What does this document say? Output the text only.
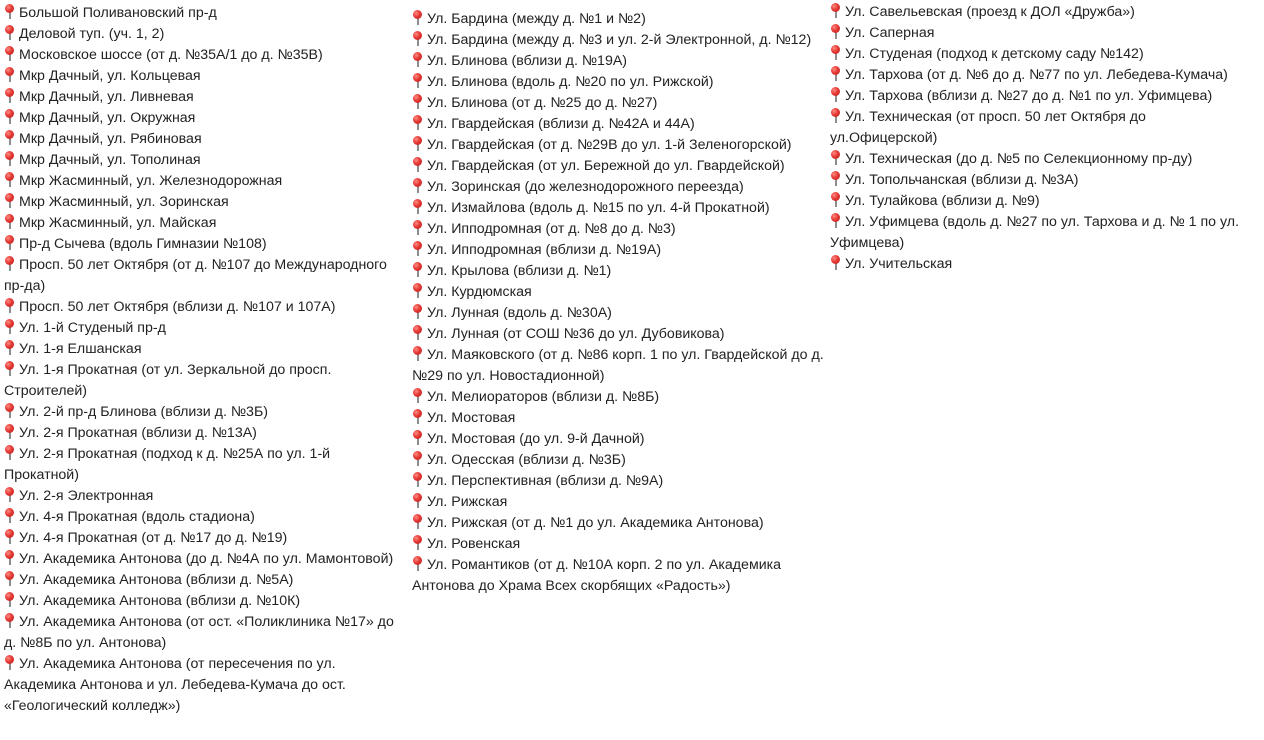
Большой Поливановский пр-д
Деловой туп. (уч. 1, 2)
Московское шоссе (от д. №35А/1 до д. №35В)
Мкр Дачный, ул. Кольцевая
Мкр Дачный, ул. Ливневая
Мкр Дачный, ул. Окружная
Мкр Дачный, ул. Рябиновая
Мкр Дачный, ул. Тополиная
Мкр Жасминный, ул. Железнодорожная
Мкр Жасминный, ул. Зоринская
Мкр Жасминный, ул. Майская
Пр-д Сычева (вдоль Гимназии №108)
Просп. 50 лет Октября (от д. №107 до Международного пр-да)
Просп. 50 лет Октября (вблизи д. №107 и 107А)
Ул. 1-й Студеный пр-д
Ул. 1-я Елшанская
Ул. 1-я Прокатная (от ул. Зеркальной до просп. Строителей)
Ул. 2-й пр-д Блинова (вблизи д. №3Б)
Ул. 2-я Прокатная (вблизи д. №13А)
Ул. 2-я Прокатная (подход к д. №25А по ул. 1-й Прокатной)
Ул. 2-я Электронная
Ул. 4-я Прокатная (вдоль стадиона)
Ул. 4-я Прокатная (от д. №17 до д. №19)
Ул. Академика Антонова (до д. №4А по ул. Мамонтовой)
Ул. Академика Антонова (вблизи д. №5А)
Ул. Академика Антонова (вблизи д. №10К)
Ул. Академика Антонова (от ост. «Поликлиника №17» до д. №8Б по ул. Антонова)
Ул. Академика Антонова (от пересечения по ул. Академика Антонова и ул. Лебедева-Кумача до ост. «Геологический колледж»)
Ул. Бардина (между д. №1 и №2)
Ул. Бардина (между д. №3 и ул. 2-й Электронной, д. №12)
Ул. Блинова (вблизи д. №19А)
Ул. Блинова (вдоль д. №20 по ул. Рижской)
Ул. Блинова (от д. №25 до д. №27)
Ул. Гвардейская (вблизи д. №42А и 44А)
Ул. Гвардейская (от д. №29В до ул. 1-й Зеленогорской)
Ул. Гвардейская (от ул. Бережной до ул. Гвардейской)
Ул. Зоринская (до железнодорожного переезда)
Ул. Измайлова (вдоль д. №15 по ул. 4-й Прокатной)
Ул. Ипподромная (от д. №8 до д. №3)
Ул. Ипподромная (вблизи д. №19А)
Ул. Крылова (вблизи д. №1)
Ул. Курдюмская
Ул. Лунная (вдоль д. №30А)
Ул. Лунная (от СОШ №36 до ул. Дубовикова)
Ул. Маяковского (от д. №86 корп. 1 по ул. Гвардейской до д. №29 по ул. Новостадионной)
Ул. Мелиораторов (вблизи д. №8Б)
Ул. Мостовая
Ул. Мостовая (до ул. 9-й Дачной)
Ул. Одесская (вблизи д. №3Б)
Ул. Перспективная (вблизи д. №9А)
Ул. Рижская
Ул. Рижская (от д. №1 до ул. Академика Антонова)
Ул. Ровенская
Ул. Романтиков (от д. №10А корп. 2 по ул. Академика Антонова до Храма Всех скорбящих «Радость»)
Ул. Савельевская (проезд к ДОЛ «Дружба»)
Ул. Саперная
Ул. Студеная (подход к детскому саду №142)
Ул. Тархова (от д. №6 до д. №77 по ул. Лебедева-Кумача)
Ул. Тархова (вблизи д. №27 до д. №1 по ул. Уфимцева)
Ул. Техническая (от просп. 50 лет Октября до ул.Офицерской)
Ул. Техническая (до д. №5 по Селекционному пр-ду)
Ул. Топольчанская (вблизи д. №3А)
Ул. Тулайкова (вблизи д. №9)
Ул. Уфимцева (вдоль д. №27 по ул. Тархова и д. № 1 по ул. Уфимцева)
Ул. Учительская
